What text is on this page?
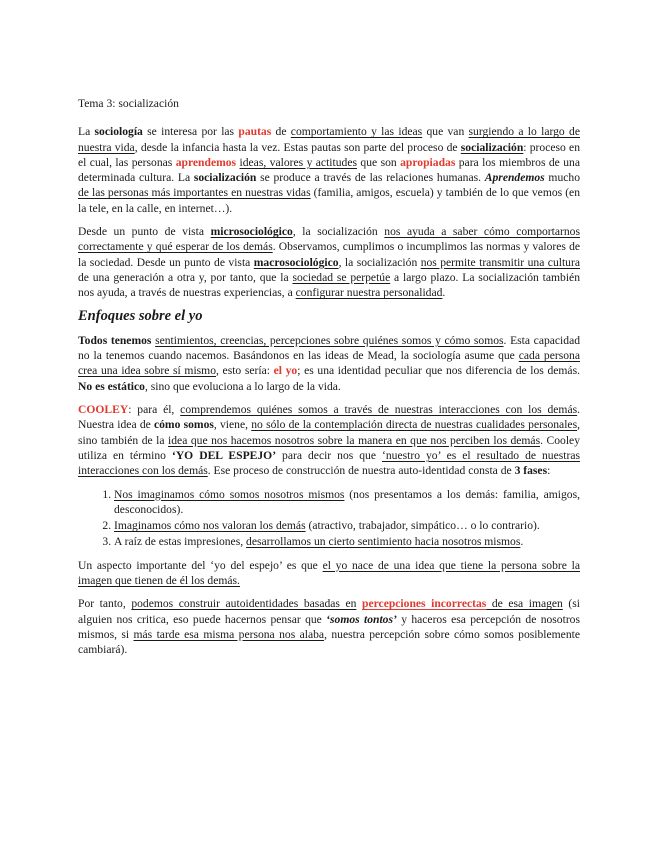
Tema 3: socialización

La sociología se interesa por las pautas de comportamiento y las ideas que van surgiendo a lo largo de nuestra vida, desde la infancia hasta la vez. Estas pautas son parte del proceso de socialización: proceso en el cual, las personas aprendemos ideas, valores y actitudes que son apropiadas para los miembros de una determinada cultura. La socialización se produce a través de las relaciones humanas. Aprendemos mucho de las personas más importantes en nuestras vidas (familia, amigos, escuela) y también de lo que vemos (en la tele, en la calle, en internet…).

Desde un punto de vista microsociológico, la socialización nos ayuda a saber cómo comportarnos correctamente y qué esperar de los demás. Observamos, cumplimos o incumplimos las normas y valores de la sociedad. Desde un punto de vista macrosociológico, la socialización nos permite transmitir una cultura de una generación a otra y, por tanto, que la sociedad se perpetúe a largo plazo. La socialización también nos ayuda, a través de nuestras experiencias, a configurar nuestra personalidad.

Enfoques sobre el yo

Todos tenemos sentimientos, creencias, percepciones sobre quiénes somos y cómo somos. Esta capacidad no la tenemos cuando nacemos. Basándonos en las ideas de Mead, la sociología asume que cada persona crea una idea sobre sí mismo, esto sería: el yo; es una identidad peculiar que nos diferencia de los demás. No es estático, sino que evoluciona a lo largo de la vida.

COOLEY: para él, comprendemos quiénes somos a través de nuestras interacciones con los demás. Nuestra idea de cómo somos, viene, no sólo de la contemplación directa de nuestras cualidades personales, sino también de la idea que nos hacemos nosotros sobre la manera en que nos perciben los demás. Cooley utiliza en término ‘YO DEL ESPEJO’ para decir nos que ‘nuestro yo’ es el resultado de nuestras interacciones con los demás. Ese proceso de construcción de nuestra auto-identidad consta de 3 fases:

1. Nos imaginamos cómo somos nosotros mismos (nos presentamos a los demás: familia, amigos, desconocidos).
2. Imaginamos cómo nos valoran los demás (atractivo, trabajador, simpático… o lo contrario).
3. A raíz de estas impresiones, desarrollamos un cierto sentimiento hacia nosotros mismos.

Un aspecto importante del ‘yo del espejo’ es que el yo nace de una idea que tiene la persona sobre la imagen que tienen de él los demás.

Por tanto, podemos construir autoidentidades basadas en percepciones incorrectas de esa imagen (si alguien nos critica, eso puede hacernos pensar que ‘somos tontos’ y haceros esa percepción de nosotros mismos, si más tarde esa misma persona nos alaba, nuestra percepción sobre cómo somos posiblemente cambiará).
